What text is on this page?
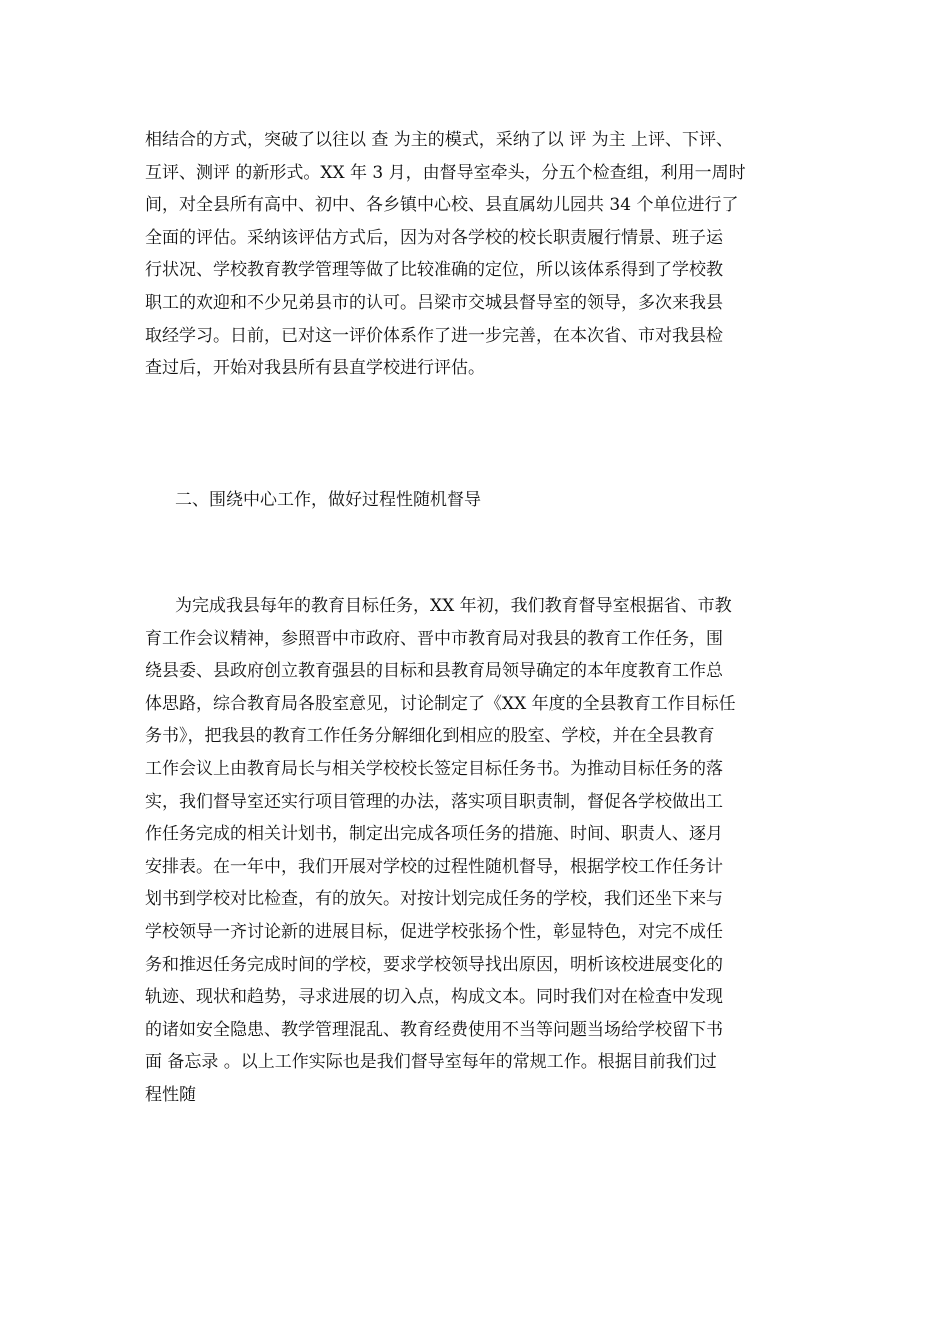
相结合的方式，突破了以往以 查 为主的模式，采纳了以 评 为主 上评、下评、
互评、测评 的新形式。XX 年 3 月，由督导室牵头，分五个检查组，利用一周时
间，对全县所有高中、初中、各乡镇中心校、县直属幼儿园共 34 个单位进行了
全面的评估。采纳该评估方式后，因为对各学校的校长职责履行情景、班子运
行状况、学校教育教学管理等做了比较准确的定位，所以该体系得到了学校教
职工的欢迎和不少兄弟县市的认可。吕梁市交城县督导室的领导，多次来我县
取经学习。日前，已对这一评价体系作了进一步完善，在本次省、市对我县检
查过后，开始对我县所有县直学校进行评估。
二、围绕中心工作，做好过程性随机督导
为完成我县每年的教育目标任务，XX 年初，我们教育督导室根据省、市教
育工作会议精神，参照晋中市政府、晋中市教育局对我县的教育工作任务，围
绕县委、县政府创立教育强县的目标和县教育局领导确定的本年度教育工作总
体思路，综合教育局各股室意见，讨论制定了《XX 年度的全县教育工作目标任
务书》，把我县的教育工作任务分解细化到相应的股室、学校，并在全县教育
工作会议上由教育局长与相关学校校长签定目标任务书。为推动目标任务的落
实，我们督导室还实行项目管理的办法，落实项目职责制，督促各学校做出工
作任务完成的相关计划书，制定出完成各项任务的措施、时间、职责人、逐月
安排表。在一年中，我们开展对学校的过程性随机督导，根据学校工作任务计
划书到学校对比检查，有的放矢。对按计划完成任务的学校，我们还坐下来与
学校领导一齐讨论新的进展目标，促进学校张扬个性，彰显特色，对完不成任
务和推迟任务完成时间的学校，要求学校领导找出原因，明析该校进展变化的
轨迹、现状和趋势，寻求进展的切入点，构成文本。同时我们对在检查中发现
的诸如安全隐患、教学管理混乱、教育经费使用不当等问题当场给学校留下书
面 备忘录 。以上工作实际也是我们督导室每年的常规工作。根据目前我们过
程性随
